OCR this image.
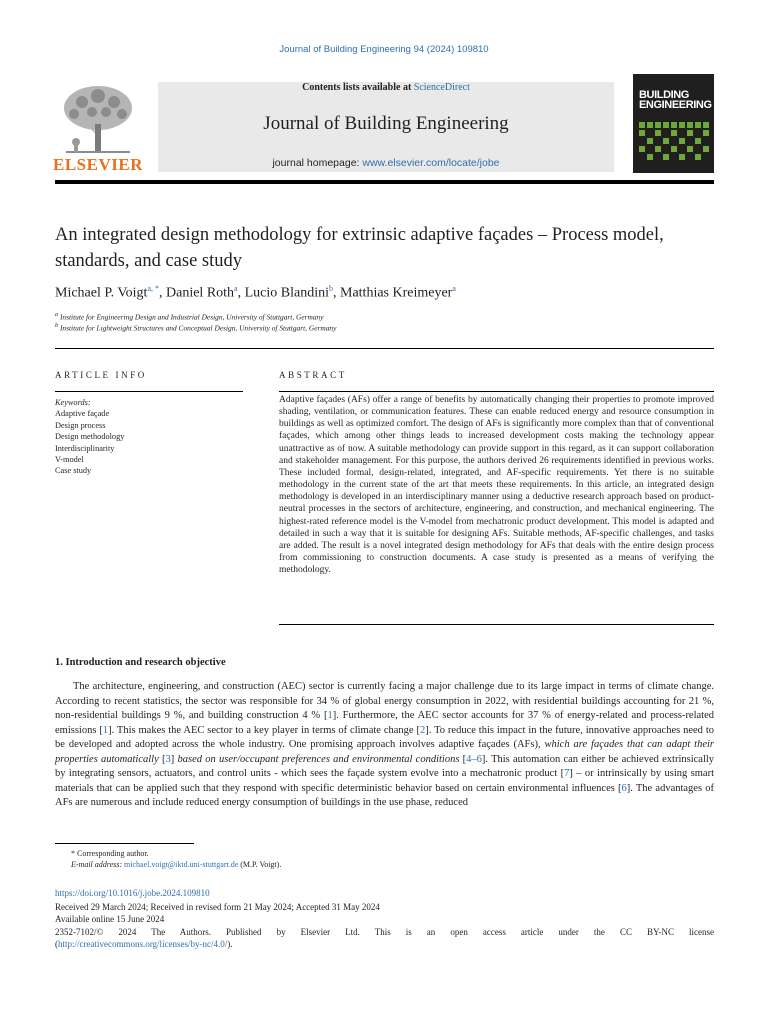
Journal of Building Engineering 94 (2024) 109810
ELSEVIER
Contents lists available at ScienceDirect
Journal of Building Engineering
journal homepage: www.elsevier.com/locate/jobe
BUILDING ENGINEERING
An integrated design methodology for extrinsic adaptive façades – Process model, standards, and case study
Michael P. Voigt$^{a, *}$, Daniel Roth$^a$, Lucio Blandini$^b$, Matthias Kreimeyer$^a$
$^a$ Institute for Engineering Design and Industrial Design, University of Stuttgart, Germany
$^b$ Institute for Lightweight Structures and Conceptual Design, University of Stuttgart, Germany
ARTICLE INFO
Keywords:
Adaptive façade
Design process
Design methodology
Interdisciplinarity
V-model
Case study
ABSTRACT
Adaptive façades (AFs) offer a range of benefits by automatically changing their properties to promote improved shading, ventilation, or communication features. These can enable reduced energy and resource consumption in buildings as well as optimized comfort. The design of AFs is significantly more complex than that of conventional façades, which among other things leads to increased development costs making the technology appear unattractive as of now. A suitable methodology can provide support in this regard, as it can support collaboration and stakeholder management. For this purpose, the authors derived 26 requirements identified in previous works. These included formal, design-related, integrated, and AF-specific requirements. Yet there is no suitable methodology in the current state of the art that meets these requirements. In this article, an integrated design methodology is developed in an interdisciplinary manner using a deductive research approach based on product-neutral processes in the sectors of architecture, engineering, and construction, and mechanical engineering. The highest-rated reference model is the V-model from mechatronic product development. This model is adapted and detailed in such a way that it is suitable for designing AFs. Suitable methods, AF-specific challenges, and tasks are added. The result is a novel integrated design methodology for AFs that deals with the entire design process from commissioning to construction documents. A case study is presented as a means of verifying the methodology.
1. Introduction and research objective
The architecture, engineering, and construction (AEC) sector is currently facing a major challenge due to its large impact in terms of climate change. According to recent statistics, the sector was responsible for 34 % of global energy consumption in 2022, with residential buildings accounting for 21 %, non-residential buildings 9 %, and building construction 4 % [1]. Furthermore, the AEC sector accounts for 37 % of energy-related and process-related emissions [1]. This makes the AEC sector to a key player in terms of climate change [2]. To reduce this impact in the future, innovative approaches need to be developed and adopted across the whole industry. One promising approach involves adaptive façades (AFs), which are façades that can adapt their properties automatically [3] based on user/occupant preferences and environmental conditions [4–6]. This automation can either be achieved extrinsically by integrating sensors, actuators, and control units - which sees the façade system evolve into a mechatronic product [7] – or intrinsically by using smart materials that can be applied such that they respond with specific deterministic behavior based on certain environmental influences [6]. The advantages of AFs are numerous and include reduced energy consumption of buildings in the use phase, reduced
* Corresponding author.
E-mail address: michael.voigt@iktd.uni-stuttgart.de (M.P. Voigt).
https://doi.org/10.1016/j.jobe.2024.109810
Received 29 March 2024; Received in revised form 21 May 2024; Accepted 31 May 2024
Available online 15 June 2024
2352-7102/© 2024 The Authors. Published by Elsevier Ltd. This is an open access article under the CC BY-NC license
(http://creativecommons.org/licenses/by-nc/4.0/).
